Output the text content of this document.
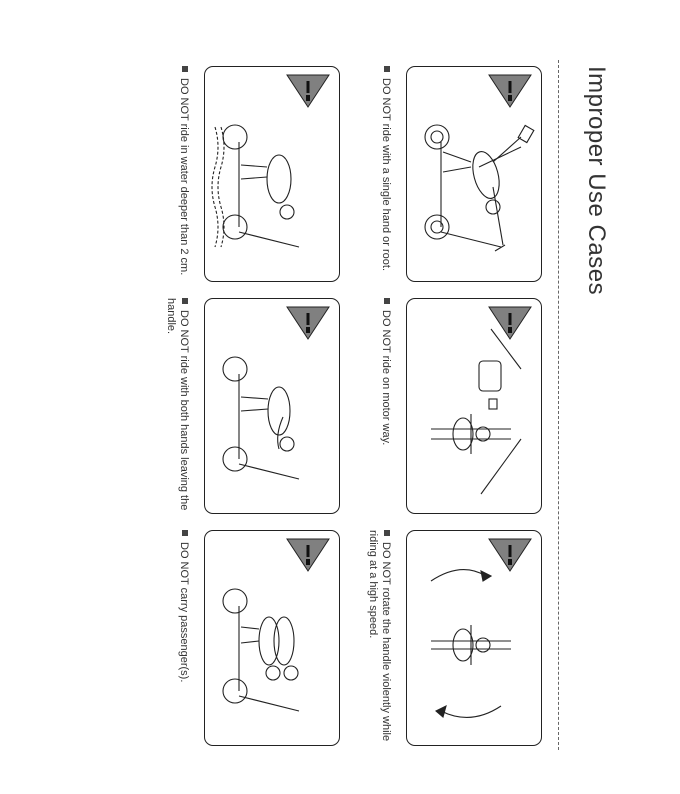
Improper Use Cases
DO NOT ride with a single hand or root.
DO NOT ride on motor way.
DO NOT rotate the handle violently while riding at a high speed.
DO NOT ride in water deeper than 2 cm.
DO NOT ride with both hands leaving the handle.
DO NOT carry passenger(s).
